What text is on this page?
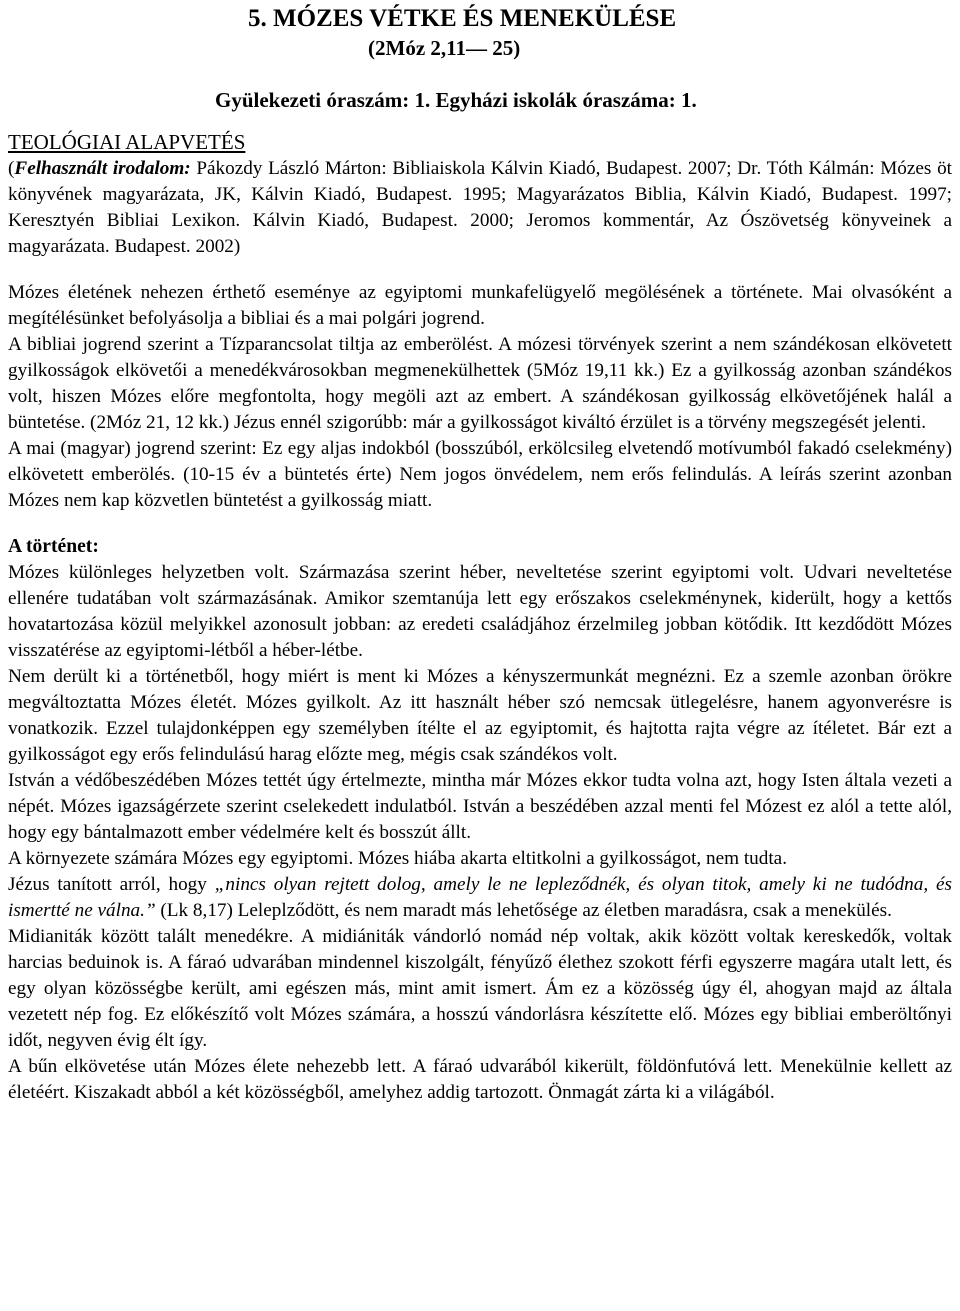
5. MÓZES VÉTKE ÉS MENEKÜLÉSE
(2Móz 2,11― 25)
Gyülekezeti óraszám: 1. Egyházi iskolák óraszáma: 1.
TEOLÓGIAI ALAPVETÉS

(Felhasznált irodalom: Pákozdy László Márton: Bibliaiskola Kálvin Kiadó, Budapest. 2007; Dr. Tóth Kálmán: Mózes öt könyvének magyarázata, JK, Kálvin Kiadó, Budapest. 1995; Magyarázatos Biblia, Kálvin Kiadó, Budapest. 1997; Keresztyén Bibliai Lexikon. Kálvin Kiadó, Budapest. 2000; Jeromos kommentár, Az Ószövetség könyveinek a magyarázata. Budapest. 2002)

Mózes életének nehezen érthető eseménye az egyiptomi munkafelügyelő megölésének a története. Mai olvasóként a megítélésünket befolyásolja a bibliai és a mai polgári jogrend.

A bibliai jogrend szerint a Tízparancsolat tiltja az emberölést. A mózesi törvények szerint a nem szándékosan elkövetett gyilkosságok elkövetői a menedékvárosokban megmenekülhettek (5Móz 19,11 kk.) Ez a gyilkosság azonban szándékos volt, hiszen Mózes előre megfontolta, hogy megöli azt az embert. A szándékosan gyilkosság elkövetőjének halál a büntetése. (2Móz 21, 12 kk.) Jézus ennél szigorúbb: már a gyilkosságot kiváltó érzület is a törvény megszegését jelenti.

A mai (magyar) jogrend szerint: Ez egy aljas indokból (bosszúból, erkölcsileg elvetendő motívumból fakadó cselekmény) elkövetett emberölés. (10-15 év a büntetés érte) Nem jogos önvédelem, nem erős felindulás. A leírás szerint azonban Mózes nem kap közvetlen büntetést a gyilkosság miatt.

A történet:

Mózes különleges helyzetben volt. Származása szerint héber, neveltetése szerint egyiptomi volt. Udvari neveltetése ellenére tudatában volt származásának. Amikor szemtanúja lett egy erőszakos cselekménynek, kiderült, hogy a kettős hovatartozása közül melyikkel azonosult jobban: az eredeti családjához érzelmileg jobban kötődik. Itt kezdődött Mózes visszatérése az egyiptomi-létből a héber-létbe.

Nem derült ki a történetből, hogy miért is ment ki Mózes a kényszermunkát megnézni. Ez a szemle azonban örökre megváltoztatta Mózes életét. Mózes gyilkolt. Az itt használt héber szó nemcsak ütlegelésre, hanem agyonverésre is vonatkozik. Ezzel tulajdonképpen egy személyben ítélte el az egyiptomit, és hajtotta rajta végre az ítéletet. Bár ezt a gyilkosságot egy erős felindulású harag előzte meg, mégis csak szándékos volt.

István a védőbeszédében Mózes tettét úgy értelmezte, mintha már Mózes ekkor tudta volna azt, hogy Isten általa vezeti a népét. Mózes igazságérzete szerint cselekedett indulatból. István a beszédében azzal menti fel Mózest ez alól a tette alól, hogy egy bántalmazott ember védelmére kelt és bosszút állt.

A környezete számára Mózes egy egyiptomi. Mózes hiába akarta eltitkolni a gyilkosságot, nem tudta.

Jézus tanított arról, hogy „nincs olyan rejtett dolog, amely le ne lepleződnék, és olyan titok, amely ki ne tudódna, és ismertté ne válna.” (Lk 8,17) Leleplződött, és nem maradt más lehetősége az életben maradásra, csak a menekülés.

Midianiták között talált menedékre. A midiániták vándorló nomád nép voltak, akik között voltak kereskedők, voltak harcias beduinok is. A fáraó udvarában mindennel kiszolgált, fényűző élethez szokott férfi egyszerre magára utalt lett, és egy olyan közösségbe került, ami egészen más, mint amit ismert. Ám ez a közösség úgy él, ahogyan majd az általa vezetett nép fog. Ez előkészítő volt Mózes számára, a hosszú vándorlásra készítette elő. Mózes egy bibliai emberöltőnyi időt, negyven évig élt így.

A bűn elkövetése után Mózes élete nehezebb lett. A fáraó udvarából kikerült, földönfutóvá lett. Menekülnie kellett az életéért. Kiszakadt abból a két közösségből, amelyhez addig tartozott. Önmagát zárta ki a világából.
